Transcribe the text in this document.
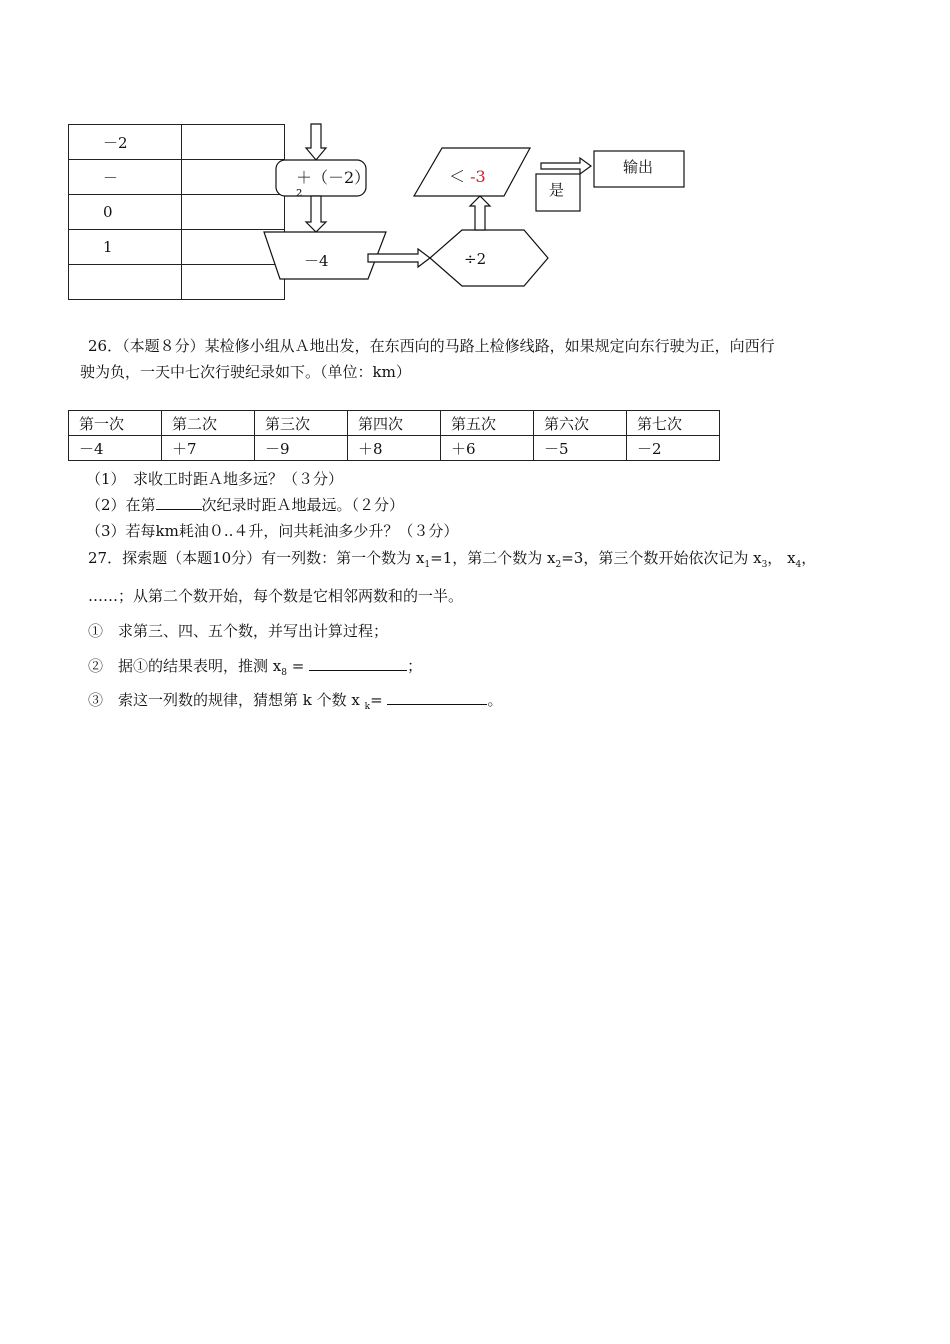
－2	
－	
0	
1	

＋（－2）²
－4	÷2
＜ -3
是
输出
26．（本题８分）某检修小组从Ａ地出发，在东西向的马路上检修线路，如果规定向东行驶为正，向西行
驶为负，一天中七次行驶纪录如下。（单位：km）
第一次	第二次	第三次	第四次	第五次	第六次	第七次
－4	＋7	－9	＋8	＋6	－5	－2
（1）　求收工时距Ａ地多远？（３分）
（2）在第	次纪录时距Ａ地最远。（２分）
（3）若每km耗油０..４升，问共耗油多少升？（３分）
27．探索题（本题10分）有一列数：第一个数为 $x_1=1$，第二个数为 $x_2=3$，第三个数开始依次记为 $x_3$， $x_4$，
……；从第二个数开始，每个数是它相邻两数和的一半。
①　求第三、四、五个数，并写出计算过程；
②　据①的结果表明，推测 $x_8$ =	；
③　索这一列数的规律，猜想第 k 个数 x $_k$=	。
